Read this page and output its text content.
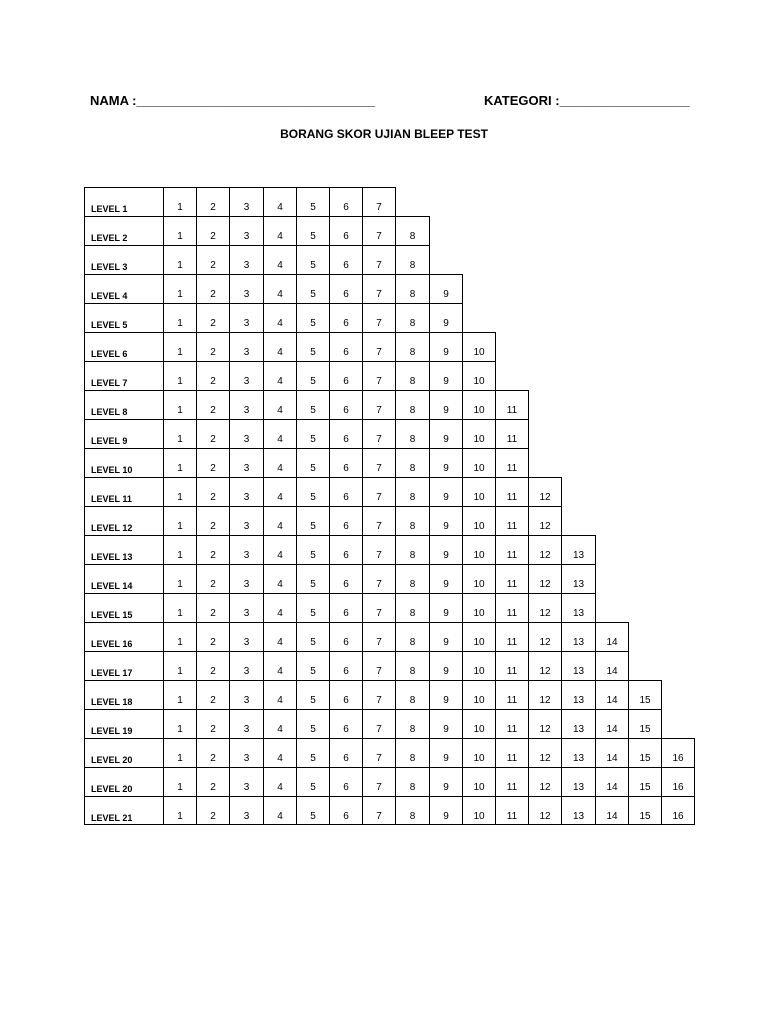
NAMA :_________________________________	KATEGORI :__________________
BORANG SKOR UJIAN BLEEP TEST
LEVEL 1	1	2	3	4	5	6	7
LEVEL 2	1	2	3	4	5	6	7	8
LEVEL 3	1	2	3	4	5	6	7	8
LEVEL 4	1	2	3	4	5	6	7	8	9
LEVEL 5	1	2	3	4	5	6	7	8	9
LEVEL 6	1	2	3	4	5	6	7	8	9	10
LEVEL 7	1	2	3	4	5	6	7	8	9	10
LEVEL 8	1	2	3	4	5	6	7	8	9	10	11
LEVEL 9	1	2	3	4	5	6	7	8	9	10	11
LEVEL 10	1	2	3	4	5	6	7	8	9	10	11
LEVEL 11	1	2	3	4	5	6	7	8	9	10	11	12
LEVEL 12	1	2	3	4	5	6	7	8	9	10	11	12
LEVEL 13	1	2	3	4	5	6	7	8	9	10	11	12	13
LEVEL 14	1	2	3	4	5	6	7	8	9	10	11	12	13
LEVEL 15	1	2	3	4	5	6	7	8	9	10	11	12	13
LEVEL 16	1	2	3	4	5	6	7	8	9	10	11	12	13	14
LEVEL 17	1	2	3	4	5	6	7	8	9	10	11	12	13	14
LEVEL 18	1	2	3	4	5	6	7	8	9	10	11	12	13	14	15
LEVEL 19	1	2	3	4	5	6	7	8	9	10	11	12	13	14	15
LEVEL 20	1	2	3	4	5	6	7	8	9	10	11	12	13	14	15	16
LEVEL 20	1	2	3	4	5	6	7	8	9	10	11	12	13	14	15	16
LEVEL 21	1	2	3	4	5	6	7	8	9	10	11	12	13	14	15	16
